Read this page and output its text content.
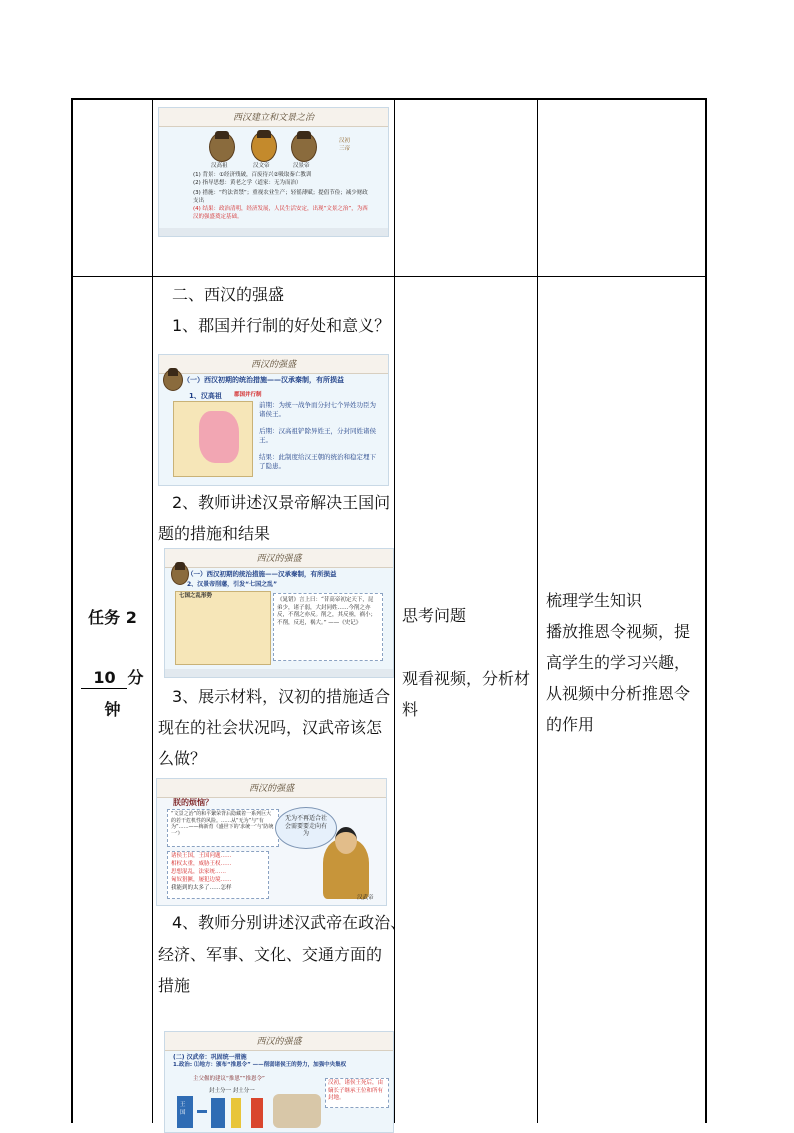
西汉建立和文景之治
汉高祖	汉文帝	汉景帝
汉初三帝
(1) 背景：①经济残破，百废待兴②吸取秦亡教训
(2) 指导思想：黄老之学（道家：无为而治）
(3) 措施：“约法省禁”；重视农业生产；轻徭薄赋；提倡节俭；减少财政支出
(4) 结果：政治清明，经济发展，人民生活安定，出现“文景之治”，为西汉的强盛奠定基础。
任务 2
10 分
钟
二、西汉的强盛
1、郡国并行制的好处和意义？
西汉的强盛
（一）西汉初期的统治措施——汉承秦制，有所损益
1、汉高祖 郡国并行制
前期：为统一战争而分封七个异姓功臣为诸侯王。
后期：汉高祖铲除异姓王，分封同姓诸侯王。
结果：此制度给汉王朝的统治和稳定埋下了隐患。
2、教师讲述汉景帝解决王国问
题的措施和结果
西汉的强盛
（一）西汉初期的统治措施——汉承秦制，有所损益
2、汉景帝削藩，引发“七国之乱”
七国之乱形势
《晁错》言上曰：“昔高帝初定天下，昆弟少，诸子弱，大封同姓……今削之亦反，不削之亦反。削之，其反亟，祸小；不削，反迟，祸大。” ——《史记》
3、展示材料，汉初的措施适合
现在的社会状况吗，汉武帝该怎
么做？
西汉的强盛
朕的烦恼？
“文景之治”的和平繁荣背后隐藏着一系列巨大的若干危机性的风险。……从“无为”与“有为”……——梅新育《盛世下的‘求统一’与‘防统一’》
诸侯王国，王国问题……
相权太重，威胁王权……
思想混乱，法家统……
匈奴猖獗，屡犯边境……
我能到的太多了……怎样
无为不再适合社会需要要走向有为
汉武帝
4、教师分别讲述汉武帝在政治、
经济、军事、文化、交通方面的
措施
西汉的强盛
(二) 汉武帝：巩固统一措施
1.政治: ⑴地方：颁布“推恩令” ——削弱诸侯王的势力，加强中央集权
主父偃的建议“推恩”“推恩令”
封土分一 封土分一
王国
汉初，诸侯王死后，由嫡长子继承王位和所有封地。
思考问题
观看视频，分析材
料
梳理学生知识
播放推恩令视频，提
高学生的学习兴趣，
从视频中分析推恩令
的作用
